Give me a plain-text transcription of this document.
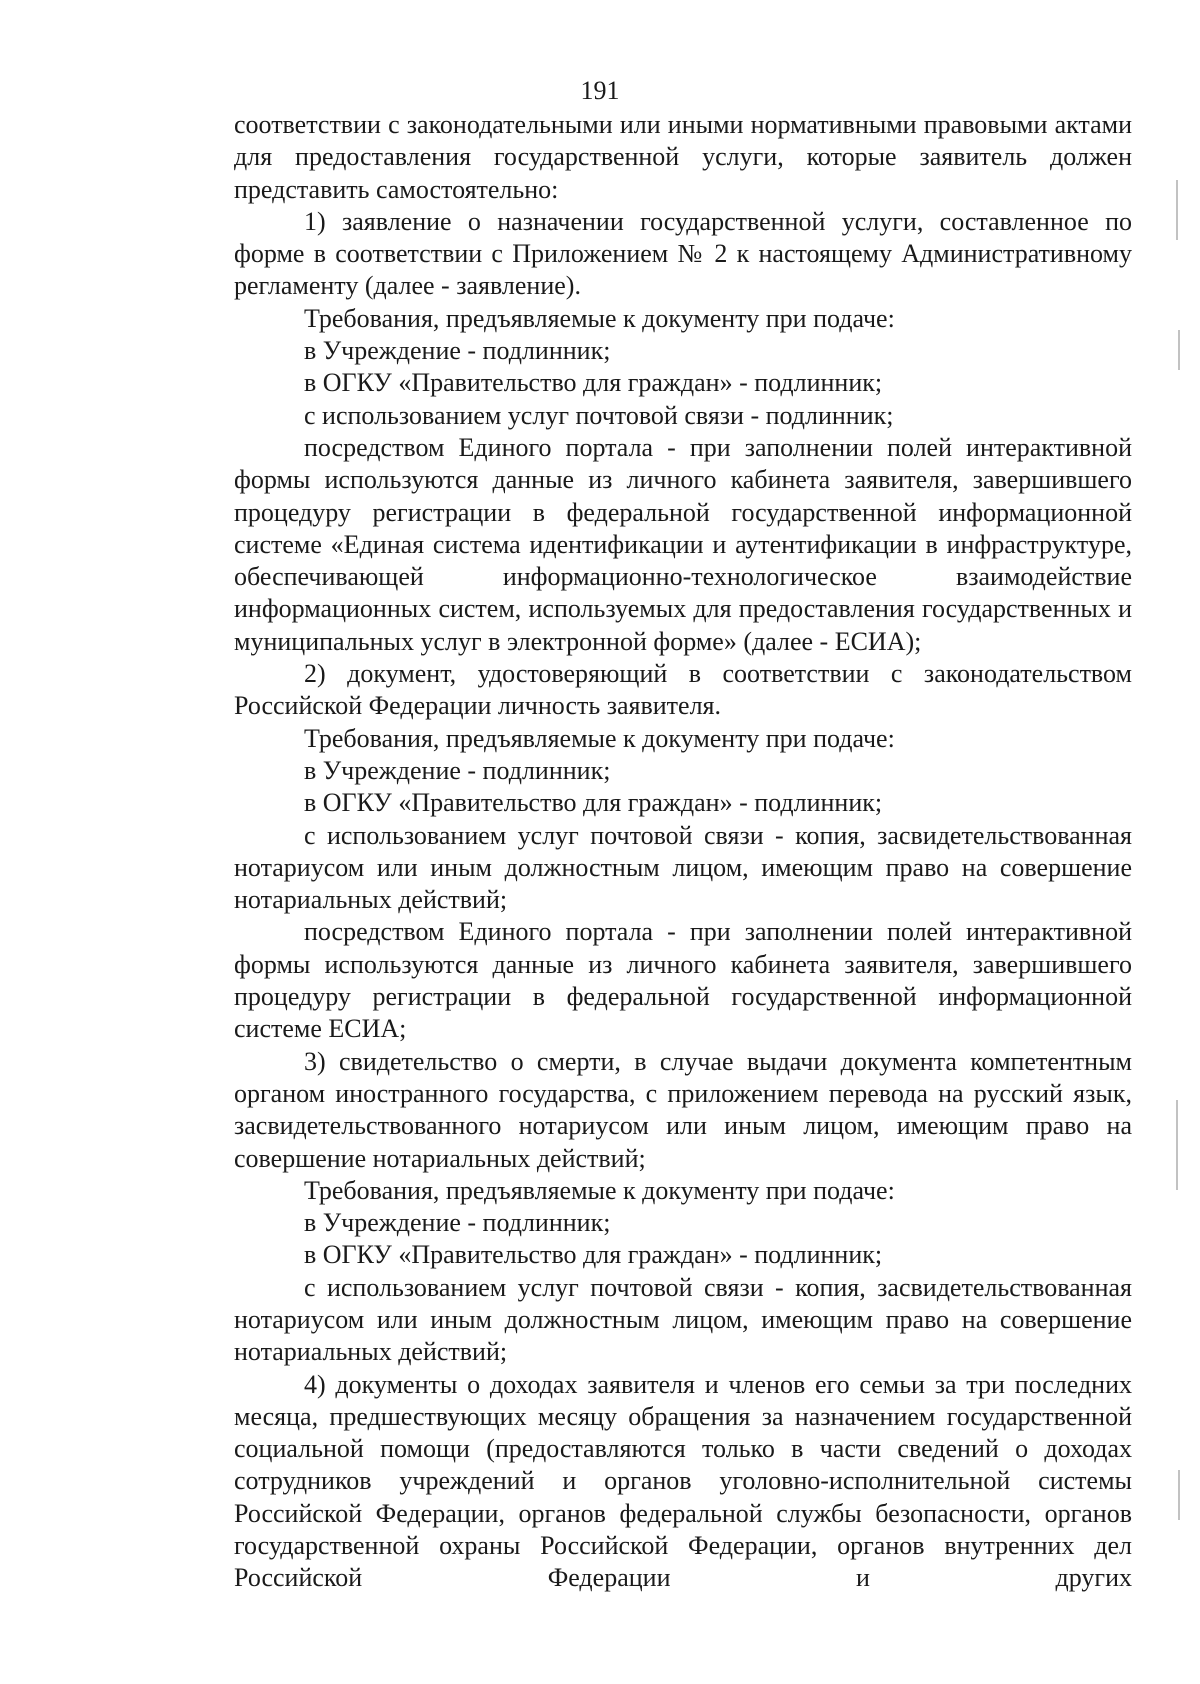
191

соответствии с законодательными или иными нормативными правовыми актами для предоставления государственной услуги, которые заявитель должен представить самостоятельно:

1) заявление о назначении государственной услуги, составленное по форме в соответствии с Приложением № 2 к настоящему Административному регламенту (далее - заявление).

Требования, предъявляемые к документу при подаче:

в Учреждение - подлинник;

в ОГКУ «Правительство для граждан» - подлинник;

с использованием услуг почтовой связи - подлинник;

посредством Единого портала - при заполнении полей интерактивной формы используются данные из личного кабинета заявителя, завершившего процедуру регистрации в федеральной государственной информационной системе «Единая система идентификации и аутентификации в инфраструктуре, обеспечивающей информационно-технологическое взаимодействие информационных систем, используемых для предоставления государственных и муниципальных услуг в электронной форме» (далее - ЕСИА);

2) документ, удостоверяющий в соответствии с законодательством Российской Федерации личность заявителя.

Требования, предъявляемые к документу при подаче:

в Учреждение - подлинник;

в ОГКУ «Правительство для граждан» - подлинник;

с использованием услуг почтовой связи - копия, засвидетельствованная нотариусом или иным должностным лицом, имеющим право на совершение нотариальных действий;

посредством Единого портала - при заполнении полей интерактивной формы используются данные из личного кабинета заявителя, завершившего процедуру регистрации в федеральной государственной информационной системе ЕСИА;

3) свидетельство о смерти, в случае выдачи документа компетентным органом иностранного государства, с приложением перевода на русский язык, засвидетельствованного нотариусом или иным лицом, имеющим право на совершение нотариальных действий;

Требования, предъявляемые к документу при подаче:

в Учреждение - подлинник;

в ОГКУ «Правительство для граждан» - подлинник;

с использованием услуг почтовой связи - копия, засвидетельствованная нотариусом или иным должностным лицом, имеющим право на совершение нотариальных действий;

4) документы о доходах заявителя и членов его семьи за три последних месяца, предшествующих месяцу обращения за назначением государственной социальной помощи (предоставляются только в части сведений о доходах сотрудников учреждений и органов уголовно-исполнительной системы Российской Федерации, органов федеральной службы безопасности, органов государственной охраны Российской Федерации, органов внутренних дел Российской Федерации и других
